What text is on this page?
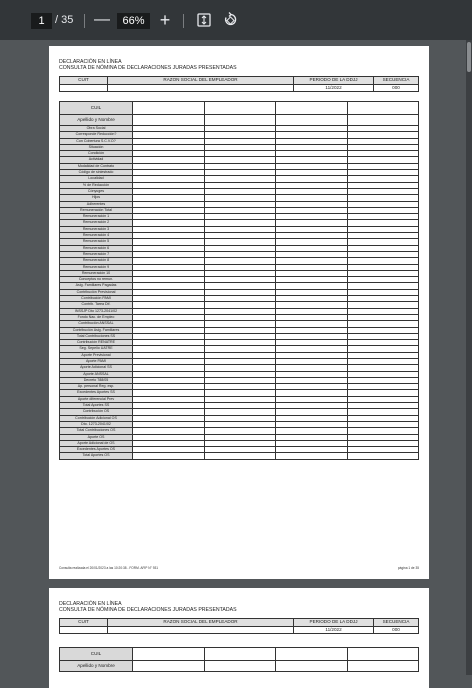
1 / 35 —	66% +
DECLARACIÓN EN LÍNEA
CONSULTA DE NÓMINA DE DECLARACIONES JURADAS PRESENTADAS
CUIT	RAZON SOCIAL DEL EMPLEADOR	PERIODO DE LA DDJJ	SECUENCIA
		11/2022	000
CUIL				
Apellido y Nombre				
Obra Social				
Corresponde Reducción?				
Con Cobertura S.C.V.O?				
Situación				
Condición				
Actividad				
Modalidad de Contrato				
Código de siniestrado				
Localidad				
% de Reducción				
Cónyuges				
Hijos				
Adherentes				
Remuneración Total				
Remuneración 1				
Remuneración 2				
Remuneración 3				
Remuneración 4				
Remuneración 5				
Remuneración 6				
Remuneración 7				
Remuneración 8				
Remuneración 9				
Remuneración 10				
Conceptos no remun.				
Asig. Familiares Pagadas				
Contribución Previsional				
Contribución PAMI				
Contrib. Tarea Dif.				
INSSJP Dto 1273-2041/02				
Fondo Nac. de Empleo				
Contribución ANSSAL				
Contribución Asig. Familiares				
Total Contribuciones SS				
Contribución RENATRE				
Seg. Sepelio UATRE				
Aporte Previsional				
Aporte PAMI				
Aporte Adicional SS				
Aporte ANSSAL				
Decreto 788/05				
Ap. personal Reg. esp.				
Excedentes Aportes SS				
Aporte diferencial Prev				
Total Aportes SS				
Contribución OS				
Contribución Adicional OS				
Dto. 1273-2041/02				
Total Contribuciones OS				
Aporte OS				
Aporte Adicional de OS				
Excedentes Aportes OS				
Total Aportes OS				
Consulta realizada el 20/01/2023 a las 10:20:38 - FORM. AFIP N° 931	página 1 de 35
DECLARACIÓN EN LÍNEA
CONSULTA DE NÓMINA DE DECLARACIONES JURADAS PRESENTADAS
CUIT	RAZON SOCIAL DEL EMPLEADOR	PERIODO DE LA DDJJ	SECUENCIA
		11/2022	000
CUIL				
Apellido y Nombre				
